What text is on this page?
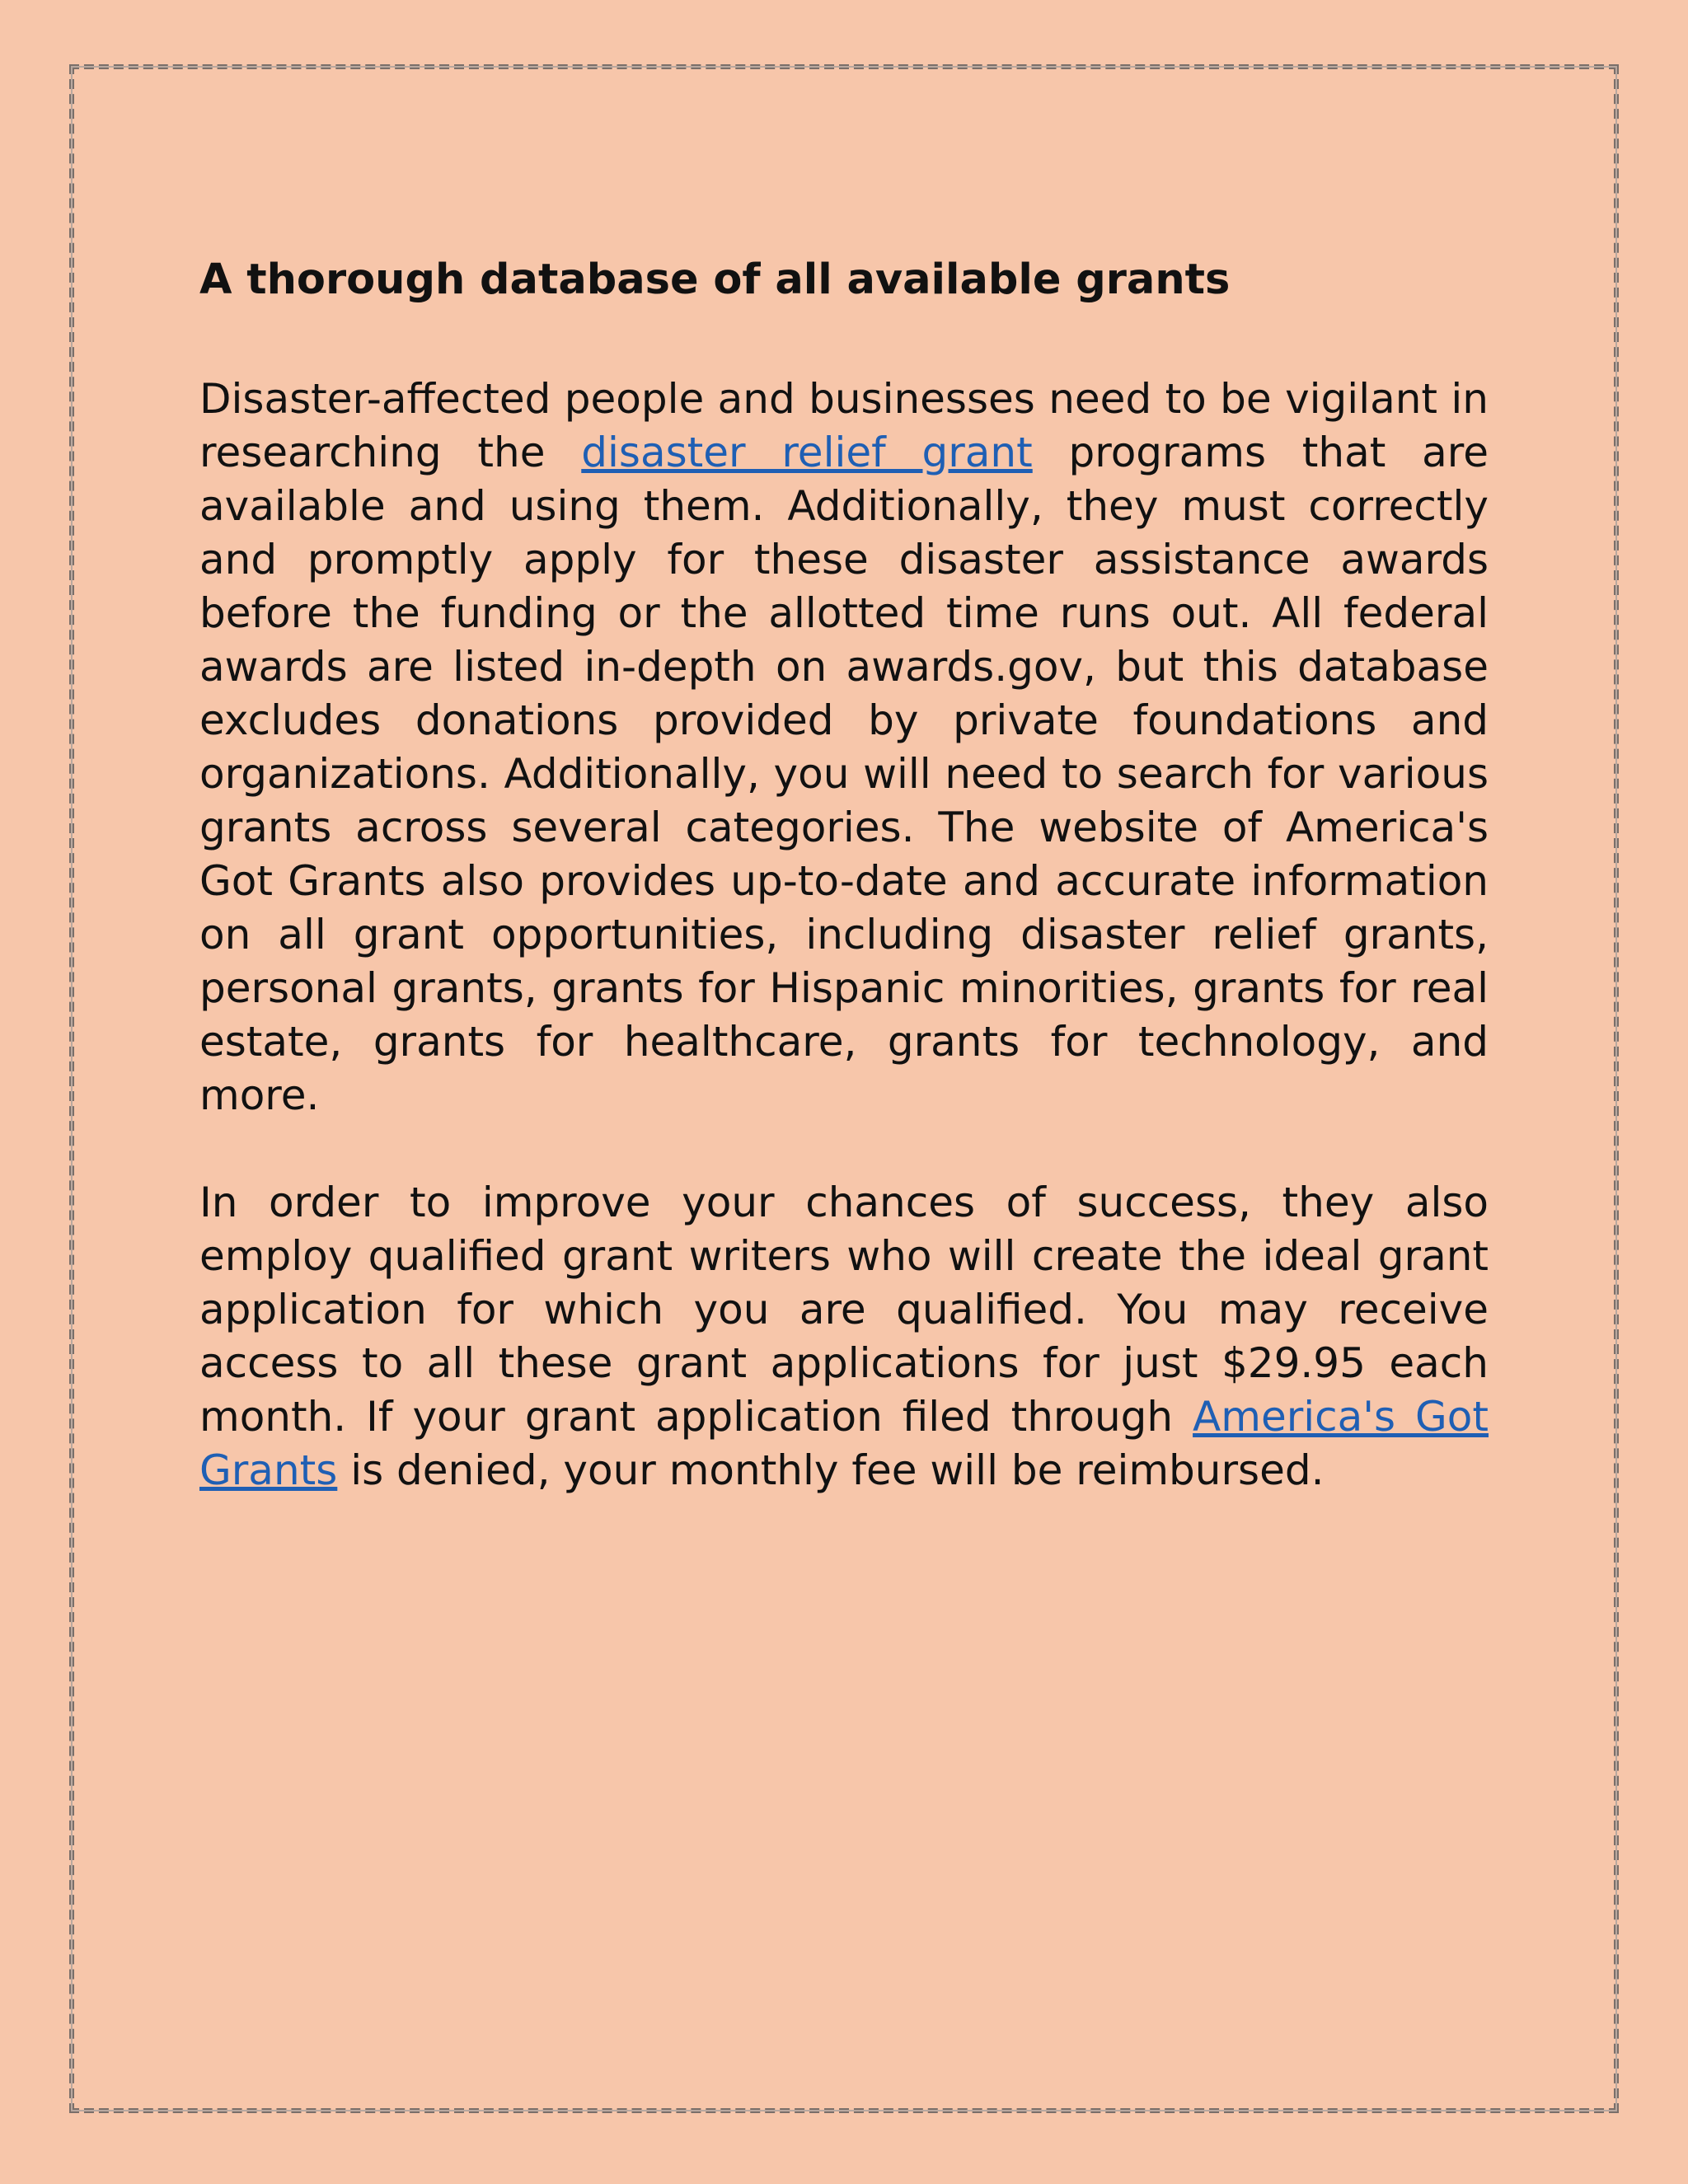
A thorough database of all available grants

Disaster-affected people and businesses need to be vigilant in researching the disaster relief grant programs that are available and using them. Additionally, they must correctly and promptly apply for these disaster assistance awards before the funding or the allotted time runs out. All federal awards are listed in-depth on awards.gov, but this database excludes donations provided by private foundations and organizations. Additionally, you will need to search for various grants across several categories. The website of America's Got Grants also provides up-to-date and accurate information on all grant opportunities, including disaster relief grants, personal grants, grants for Hispanic minorities, grants for real estate, grants for healthcare, grants for technology, and more.

In order to improve your chances of success, they also employ qualified grant writers who will create the ideal grant application for which you are qualified. You may receive access to all these grant applications for just $29.95 each month. If your grant application filed through America's Got Grants is denied, your monthly fee will be reimbursed.
